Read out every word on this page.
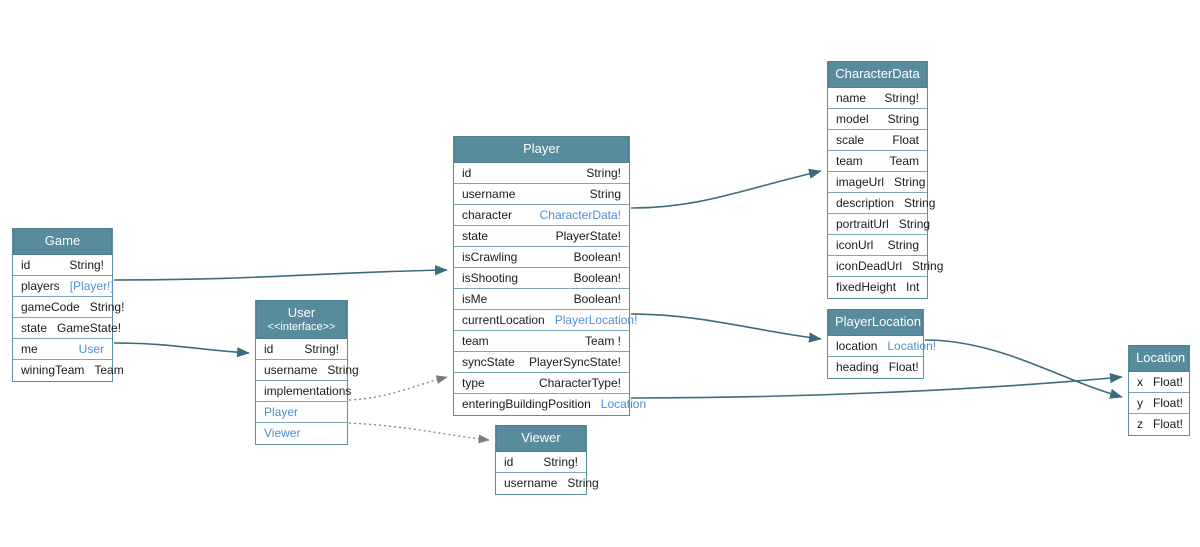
Game
id	String!
players [Player!]
gameCode String!
state GameState!
me	User
winingTeam Team
User
<<interface>>
id	String!
username String
implementations
Player
Viewer
Player
id	String!
username	String
character CharacterData!
state	PlayerState!
isCrawling	Boolean!
isShooting	Boolean!
isMe	Boolean!
currentLocation PlayerLocation!
team	Team !
syncState PlayerSyncState!
type	CharacterType!
enteringBuildingPosition Location
Viewer
id String!
username String
CharacterData
name String!
model String
scale Float
team Team
imageUrl String
description String
portraitUrl String
iconUrl String
iconDeadUrl String
fixedHeight Int
PlayerLocation
location Location!
heading Float!
Location
x Float!
y Float!
z Float!
